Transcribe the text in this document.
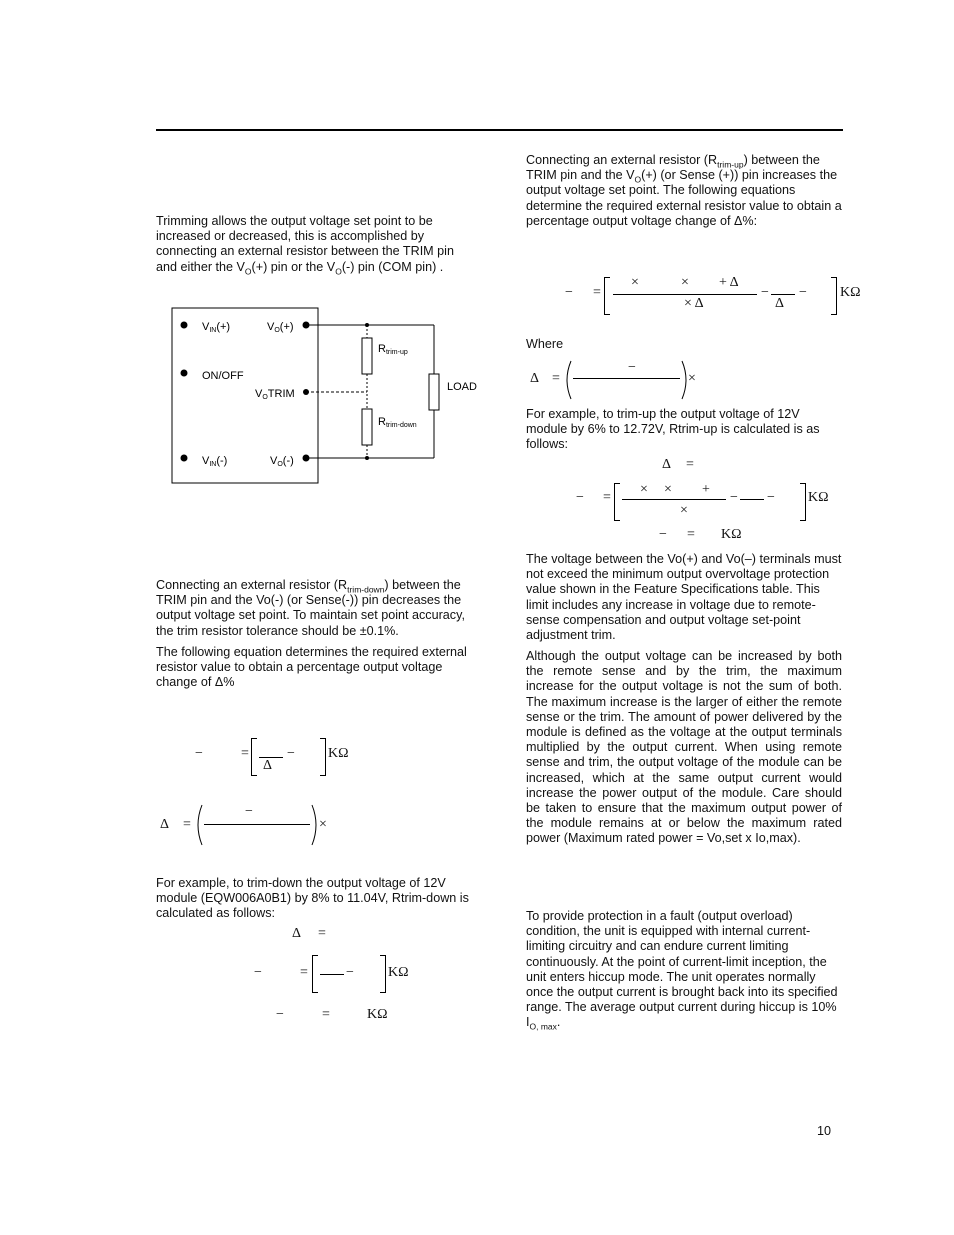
Trimming allows the output voltage set point to be increased or decreased, this is accomplished by connecting an external resistor between the TRIM pin and either the $V_O(+)$ pin or the $V_O(-)$ pin (COM pin) .

VIN(+)
ON/OFF
VIN(-)
VO(+)
VOTRIM
VO(-)
Rtrim-up
Rtrim-down
LOAD

Connecting an external resistor $(R_{trim-down})$ between the TRIM pin and the Vo(-) (or Sense(-)) pin decreases the output voltage set point. To maintain set point accuracy, the trim resistor tolerance should be ±0.1%.

The following equation determines the required external resistor value to obtain a percentage output voltage change of Δ%

−	=
Δ
− KΩ
Δ =
−
×

For example, to trim-down the output voltage of 12V module (EQW006A0B1) by 8% to 11.04V, Rtrim-down is calculated as follows:

Δ =
−	=	− KΩ
−	=	KΩ

Connecting an external resistor $(R_{trim-up})$ between the TRIM pin and the $V_O(+)$ (or Sense (+)) pin increases the output voltage set point. The following equations determine the required external resistor value to obtain a percentage output voltage change of Δ%:

− =
×	× + Δ
× Δ
−
Δ
− KΩ

Where

Δ =
−
×

For example, to trim-up the output voltage of 12V module by 6% to 12.72V, Rtrim-up is calculated is as follows:

Δ =
− =
× × +
×
− − KΩ
− = KΩ

The voltage between the Vo(+) and Vo(–) terminals must not exceed the minimum output overvoltage protection value shown in the Feature Specifications table. This limit includes any increase in voltage due to remote-sense compensation and output voltage set-point adjustment trim.

Although the output voltage can be increased by both the remote sense and by the trim, the maximum increase for the output voltage is not the sum of both. The maximum increase is the larger of either the remote sense or the trim. The amount of power delivered by the module is defined as the voltage at the output terminals multiplied by the output current. When using remote sense and trim, the output voltage of the module can be increased, which at the same output current would increase the power output of the module. Care should be taken to ensure that the maximum output power of the module remains at or below the maximum rated power (Maximum rated power = Vo,set x Io,max).

To provide protection in a fault (output overload) condition, the unit is equipped with internal current-limiting circuitry and can endure current limiting continuously. At the point of current-limit inception, the unit enters hiccup mode. The unit operates normally once the output current is brought back into its specified range. The average output current during hiccup is 10% $I_{O, max}$.

10
